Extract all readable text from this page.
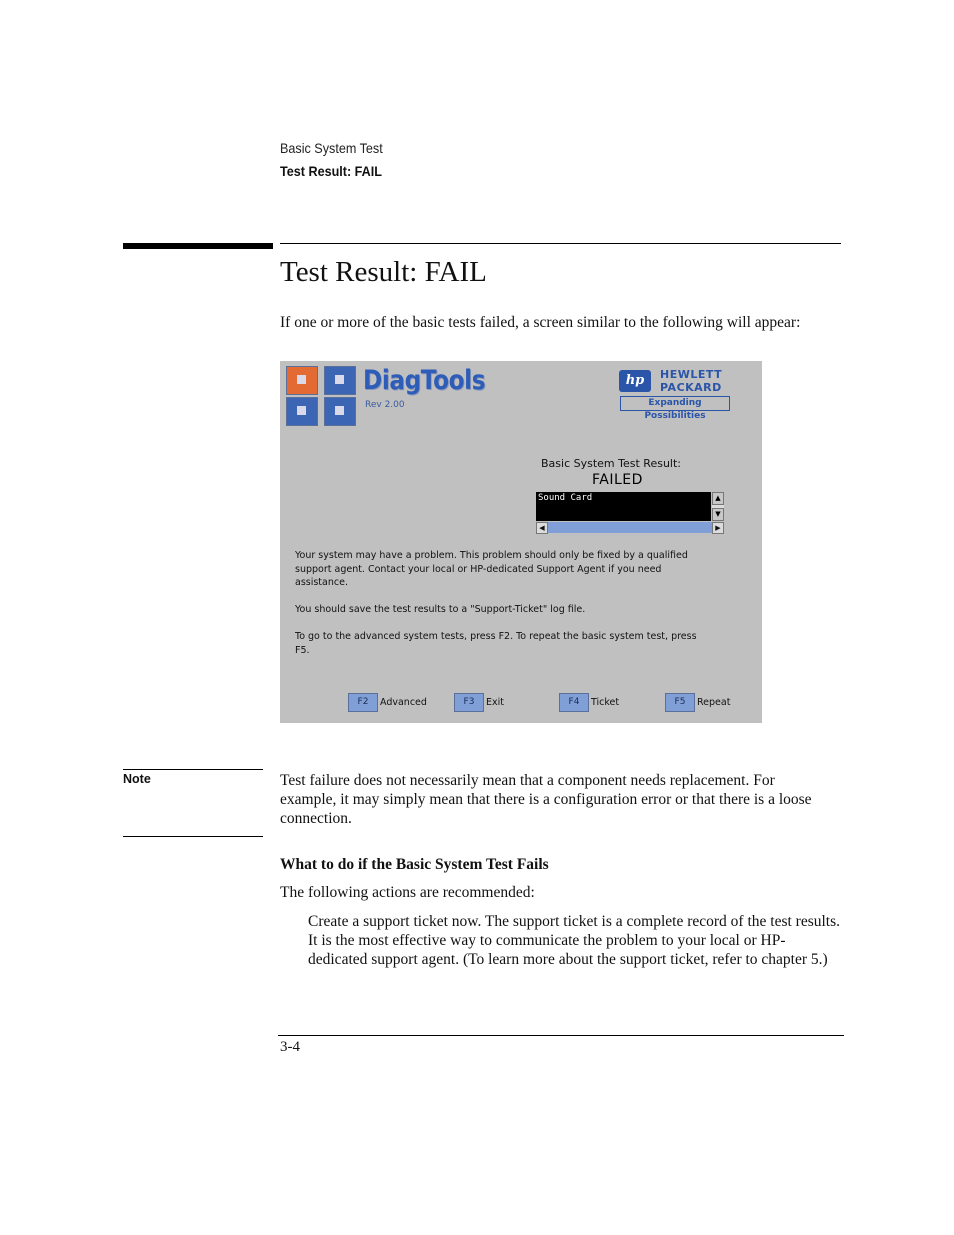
Basic System Test
Test Result: FAIL
Test Result: FAIL
If one or more of the basic tests failed, a screen similar to the following will appear:
DiagTools
Rev 2.00
hp	HEWLETT
PACKARD
Expanding Possibilities
Basic System Test Result:
FAILED
Sound Card	▲
▼
◀	▶
Your system may have a problem. This problem should only be fixed by a qualified support agent. Contact your local or HP-dedicated Support Agent if you need assistance.
You should save the test results to a "Support-Ticket" log file.
To go to the advanced system tests, press F2. To repeat the basic system test, press F5.
F2	Advanced	F3	Exit	F4	Ticket	F5	Repeat
Note	Test failure does not necessarily mean that a component needs replacement. For example, it may simply mean that there is a configuration error or that there is a loose connection.
What to do if the Basic System Test Fails
The following actions are recommended:
Create a support ticket now. The support ticket is a complete record of the test results. It is the most effective way to communicate the problem to your local or HP-dedicated support agent. (To learn more about the support ticket, refer to chapter 5.)
3-4
